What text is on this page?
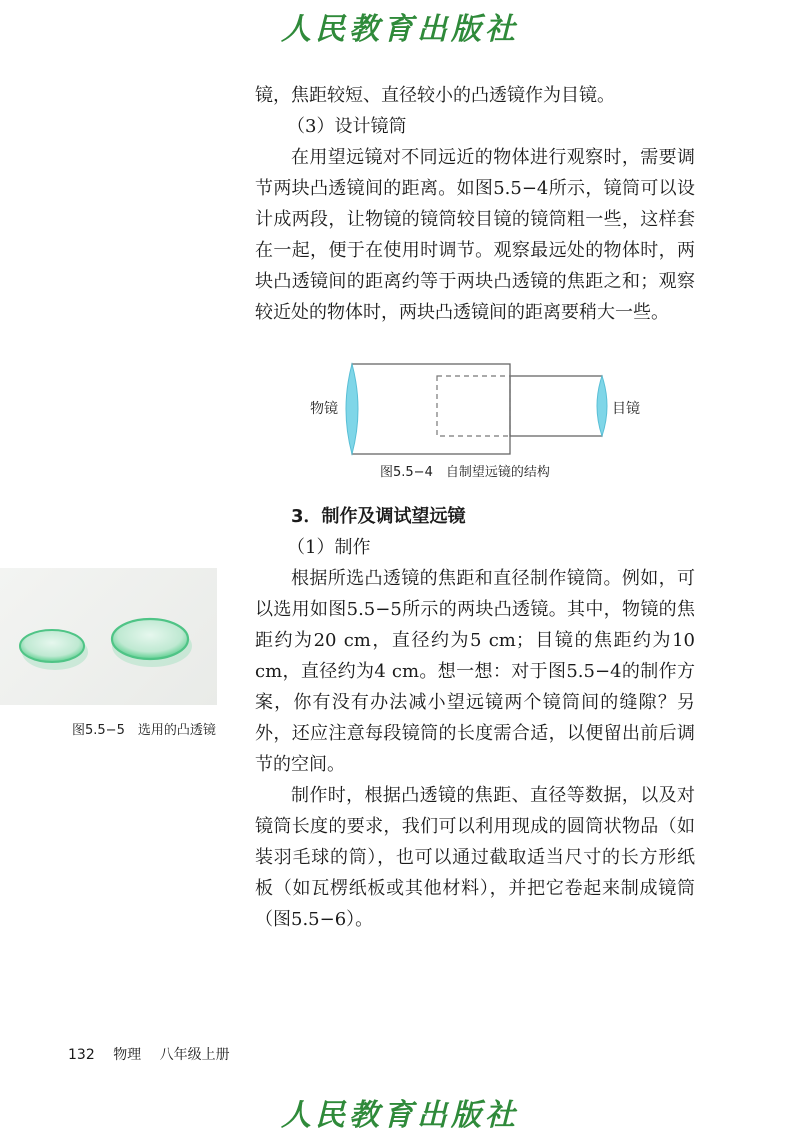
人民教育出版社

镜，焦距较短、直径较小的凸透镜作为目镜。

（3）设计镜筒

在用望远镜对不同远近的物体进行观察时，需要调节两块凸透镜间的距离。如图5.5−4所示，镜筒可以设计成两段，让物镜的镜筒较目镜的镜筒粗一些，这样套在一起，便于在使用时调节。观察最远处的物体时，两块凸透镜间的距离约等于两块凸透镜的焦距之和；观察较近处的物体时，两块凸透镜间的距离要稍大一些。

物镜	目镜
图5.5−4　自制望远镜的结构
3．制作及调试望远镜

（1）制作

根据所选凸透镜的焦距和直径制作镜筒。例如，可以选用如图5.5−5所示的两块凸透镜。其中，物镜的焦距约为20 cm，直径约为5 cm；目镜的焦距约为10 cm，直径约为4 cm。想一想：对于图5.5−4的制作方案，你有没有办法减小望远镜两个镜筒间的缝隙？另外，还应注意每段镜筒的长度需合适，以便留出前后调节的空间。

制作时，根据凸透镜的焦距、直径等数据，以及对镜筒长度的要求，我们可以利用现成的圆筒状物品（如装羽毛球的筒），也可以通过截取适当尺寸的长方形纸板（如瓦楞纸板或其他材料），并把它卷起来制成镜筒（图5.5−6）。

图5.5−5　选用的凸透镜
132 物理 八年级上册
人民教育出版社
